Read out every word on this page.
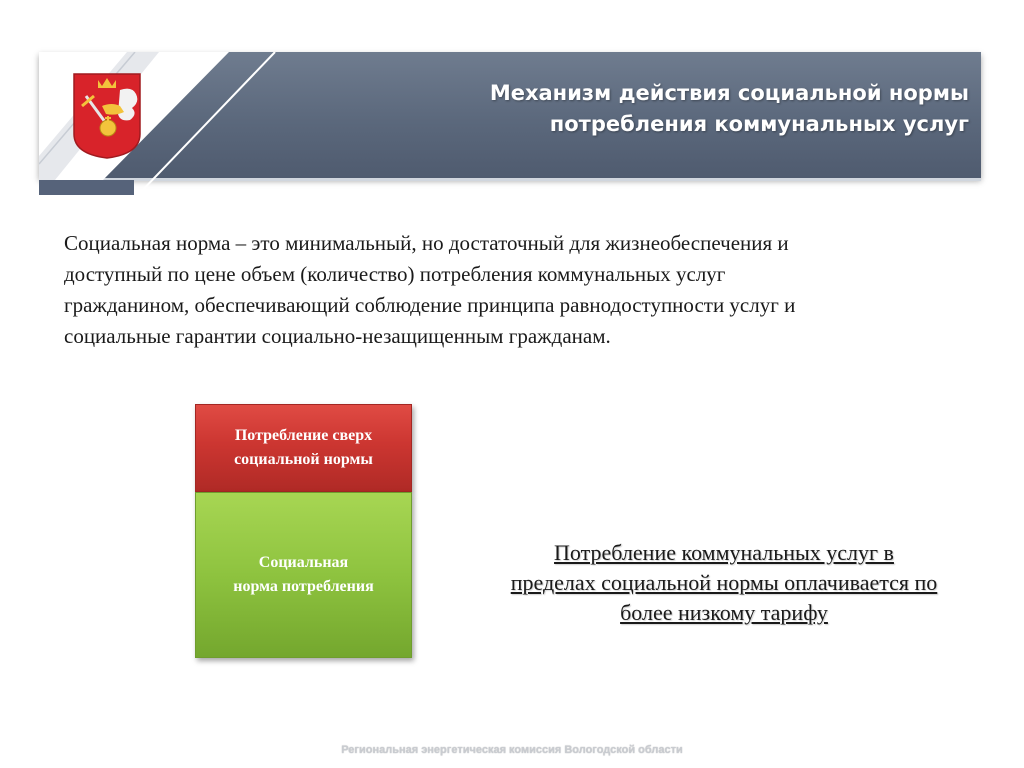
Механизм действия социальной нормы
потребления коммунальных услуг
Социальная норма – это минимальный, но достаточный для жизнеобеспечения и
доступный по цене объем (количество) потребления коммунальных услуг
гражданином, обеспечивающий соблюдение принципа равнодоступности услуг и
социальные гарантии социально-незащищенным гражданам.
Потребление сверх
социальной нормы
Социальная
норма потребления
Потребление коммунальных услуг в
пределах социальной нормы оплачивается по
более низкому тарифу
Региональная энергетическая комиссия Вологодской области
